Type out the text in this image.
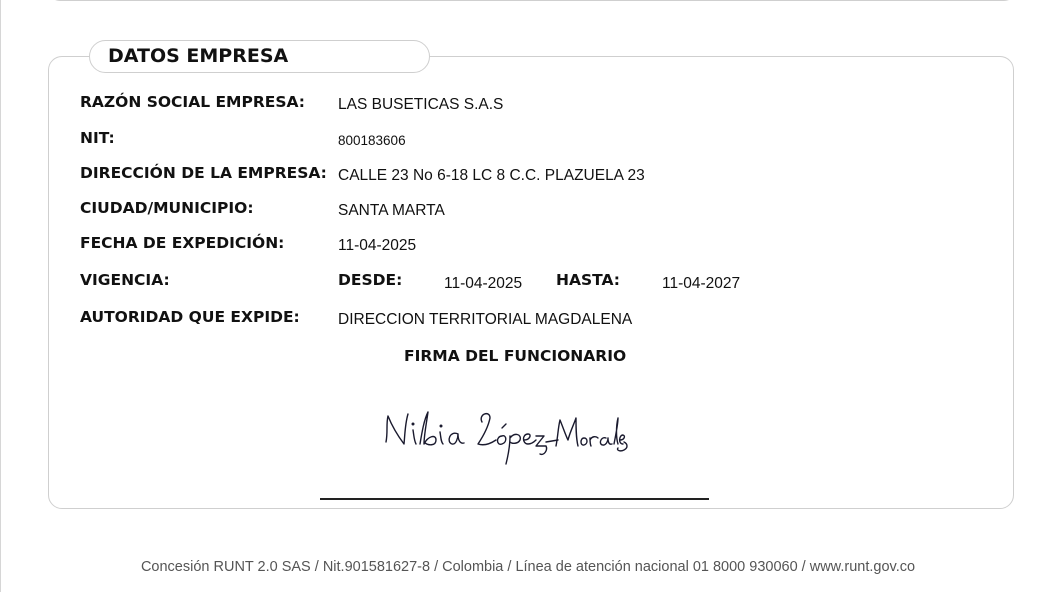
DATOS EMPRESA
RAZÓN SOCIAL EMPRESA: LAS BUSETICAS S.A.S
NIT:	800183606
DIRECCIÓN DE LA EMPRESA: CALLE 23 No 6-18 LC 8 C.C. PLAZUELA 23
CIUDAD/MUNICIPIO:	SANTA MARTA
FECHA DE EXPEDICIÓN:	11-04-2025
VIGENCIA:	DESDE:	11-04-2025 HASTA:	11-04-2027
AUTORIDAD QUE EXPIDE: DIRECCION TERRITORIAL MAGDALENA
FIRMA DEL FUNCIONARIO
Concesión RUNT 2.0 SAS / Nit.901581627-8 / Colombia / Línea de atención nacional 01 8000 930060 / www.runt.gov.co
